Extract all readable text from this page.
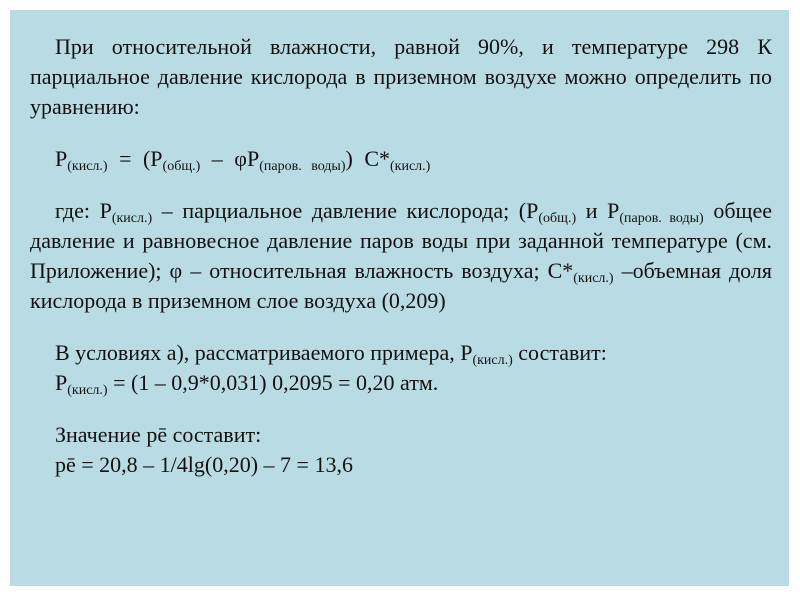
При относительной влажности, равной 90%, и температуре 298 К парциальное давление кислорода в приземном воздухе можно определить по уравнению:

$P_{(кисл.)} = (P_{(общ.)} - \varphi P_{(паров. воды)})$ $C*_{(кисл.)}$

где: $P_{(кисл.)}$ – парциальное давление кислорода; ($P_{(общ.)}$ и $P_{(паров. воды)}$ общее давление и равновесное давление паров воды при заданной температуре (см. Приложение); φ – относительная влажность воздуха; $C*_{(кисл.)}$ –объемная доля кислорода в приземном слое воздуха (0,209)

В условиях а), рассматриваемого примера, $P_{(кисл.)}$ составит:

$P_{(кисл.)} = (1 - 0,9*0,031) 0,2095 = 0,20$ атм.

Значение pē составит:

pē = 20,8 – 1/4lg(0,20) – 7 = 13,6
